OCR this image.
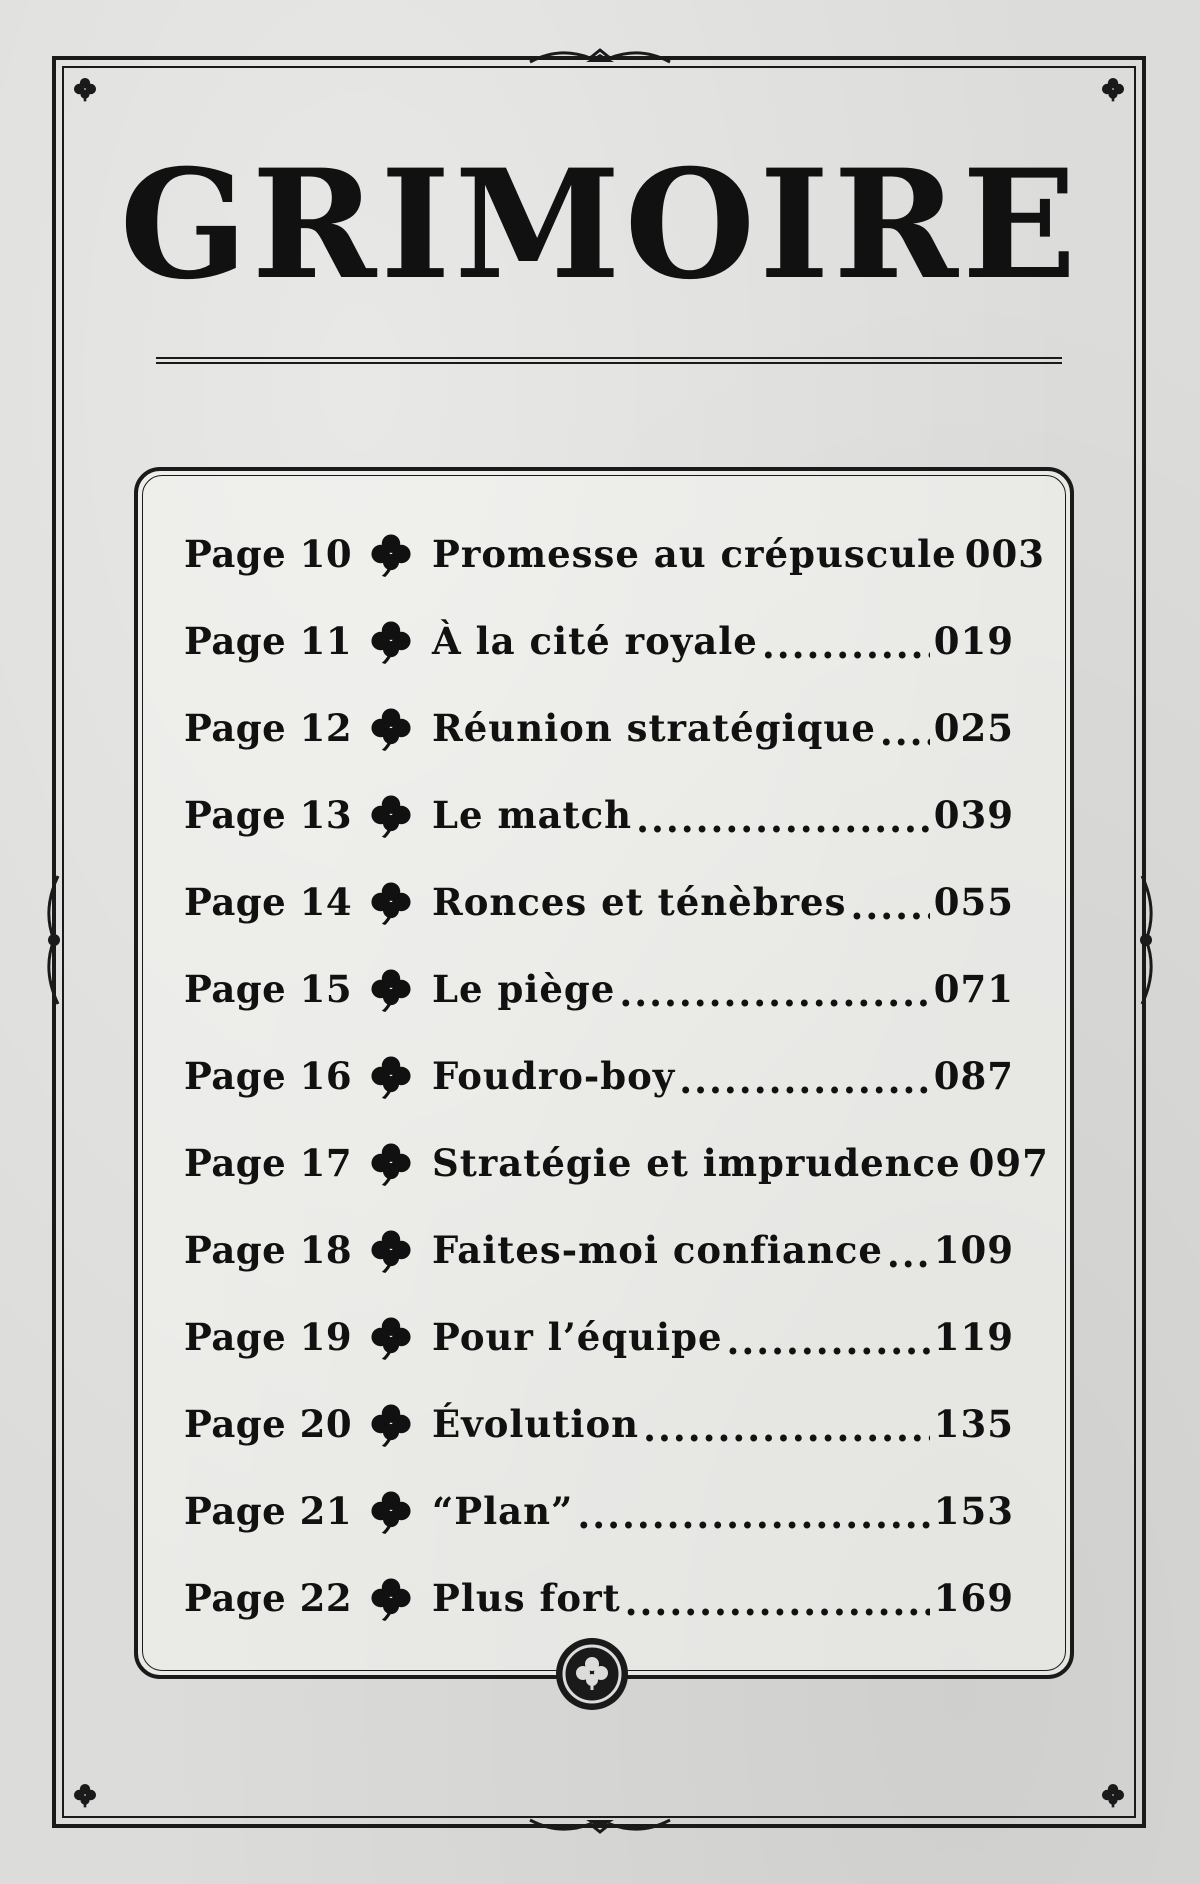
GRIMOIRE
Page 10 Promesse au crépuscule 003
Page 11 À la cité royale .....	019
Page 12 Réunion stratégique ..... 025
Page 13 Le match .....	039
Page 14 Ronces et ténèbres ..... 055
Page 15 Le piège .....	071
Page 16 Foudro-boy .....	087
Page 17 Stratégie et imprudence 097
Page 18 Faites-moi confiance ..... 109
Page 19 Pour l’équipe .....	119
Page 20 Évolution .....	135
Page 21 “Plan” .....	153
Page 22 Plus fort .....	169
